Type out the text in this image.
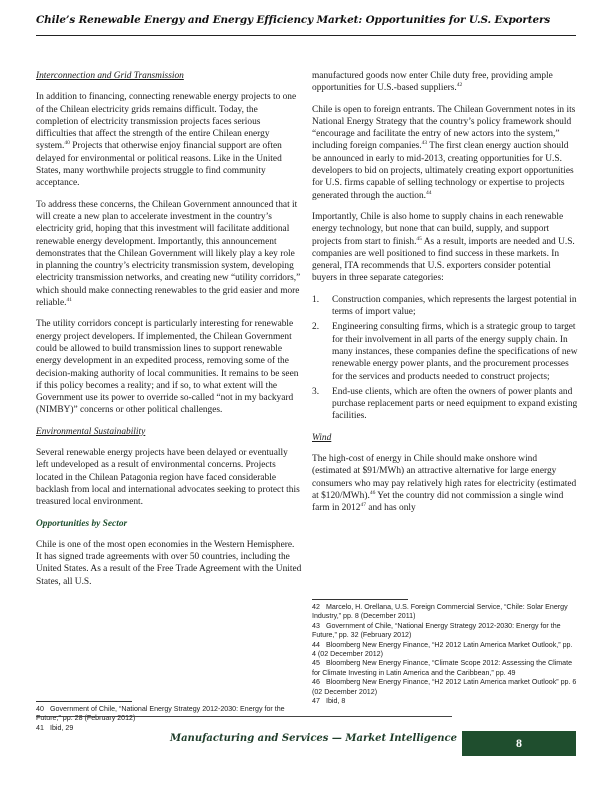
Chile’s Renewable Energy and Energy Efficiency Market: Opportunities for U.S. Exporters
Interconnection and Grid Transmission

In addition to financing, connecting renewable energy projects to one of the Chilean electricity grids remains difficult. Today, the completion of electricity transmission projects faces serious difficulties that affect the strength of the entire Chilean energy system.$^{40}$ Projects that otherwise enjoy financial support are often delayed for environmental or political reasons. Like in the United States, many worthwhile projects struggle to find community acceptance.

To address these concerns, the Chilean Government announced that it will create a new plan to accelerate investment in the country’s electricity grid, hoping that this investment will facilitate additional renewable energy development. Importantly, this announcement demonstrates that the Chilean Government will likely play a key role in planning the country’s electricity transmission system, developing electricity transmission networks, and creating new “utility corridors,” which should make connecting renewables to the grid easier and more reliable.$^{41}$

The utility corridors concept is particularly interesting for renewable energy project developers. If implemented, the Chilean Government could be allowed to build transmission lines to support renewable energy development in an expedited process, removing some of the decision-making authority of local communities. It remains to be seen if this policy becomes a reality; and if so, to what extent will the Government use its power to override so-called “not in my backyard (NIMBY)” concerns or other political challenges.

Environmental Sustainability

Several renewable energy projects have been delayed or eventually left undeveloped as a result of environmental concerns. Projects located in the Chilean Patagonia region have faced considerable backlash from local and international advocates seeking to protect this treasured local environment.

Opportunities by Sector

Chile is one of the most open economies in the Western Hemisphere. It has signed trade agreements with over 50 countries, including the United States. As a result of the Free Trade Agreement with the United States, all U.S.

40 Government of Chile, “National Energy Strategy 2012-2030: Energy for the Future,” pp. 28 (February 2012)
41 Ibid, 29

manufactured goods now enter Chile duty free, providing ample opportunities for U.S.-based suppliers.$^{42}$

Chile is open to foreign entrants. The Chilean Government notes in its National Energy Strategy that the country’s policy framework should “encourage and facilitate the entry of new actors into the system,” including foreign companies.$^{43}$ The first clean energy auction should be announced in early to mid-2013, creating opportunities for U.S. developers to bid on projects, ultimately creating export opportunities for U.S. firms capable of selling technology or expertise to projects generated through the auction.$^{44}$

Importantly, Chile is also home to supply chains in each renewable energy technology, but none that can build, supply, and support projects from start to finish.$^{45}$ As a result, imports are needed and U.S. companies are well positioned to find success in these markets. In general, ITA recommends that U.S. exporters consider potential buyers in three separate categories:

1. Construction companies, which represents the largest potential in terms of import value;
2. Engineering consulting firms, which is a strategic group to target for their involvement in all parts of the energy supply chain. In many instances, these companies define the specifications of new renewable energy power plants, and the procurement processes for the services and products needed to construct projects;
3. End-use clients, which are often the owners of power plants and purchase replacement parts or need equipment to expand existing facilities.
Wind

The high-cost of energy in Chile should make onshore wind (estimated at $91/MWh) an attractive alternative for large energy consumers who may pay relatively high rates for electricity (estimated at $120/MWh).$^{46}$ Yet the country did not commission a single wind farm in 2012$^{47}$ and has only

42 Marcelo, H. Orellana, U.S. Foreign Commercial Service, “Chile: Solar Energy Industry,” pp. 8 (December 2011)
43 Government of Chile, “National Energy Strategy 2012-2030: Energy for the Future,” pp. 32 (February 2012)
44 Bloomberg New Energy Finance, “H2 2012 Latin America Market Outlook,” pp. 4 (02 December 2012)
45 Bloomberg New Energy Finance, “Climate Scope 2012: Assessing the Climate for Climate Investing in Latin America and the Caribbean,” pp. 49
46 Bloomberg New Energy Finance, “H2 2012 Latin America market Outlook” pp. 6 (02 December 2012)
47 Ibid, 8
Manufacturing and Services — Market Intelligence	8
